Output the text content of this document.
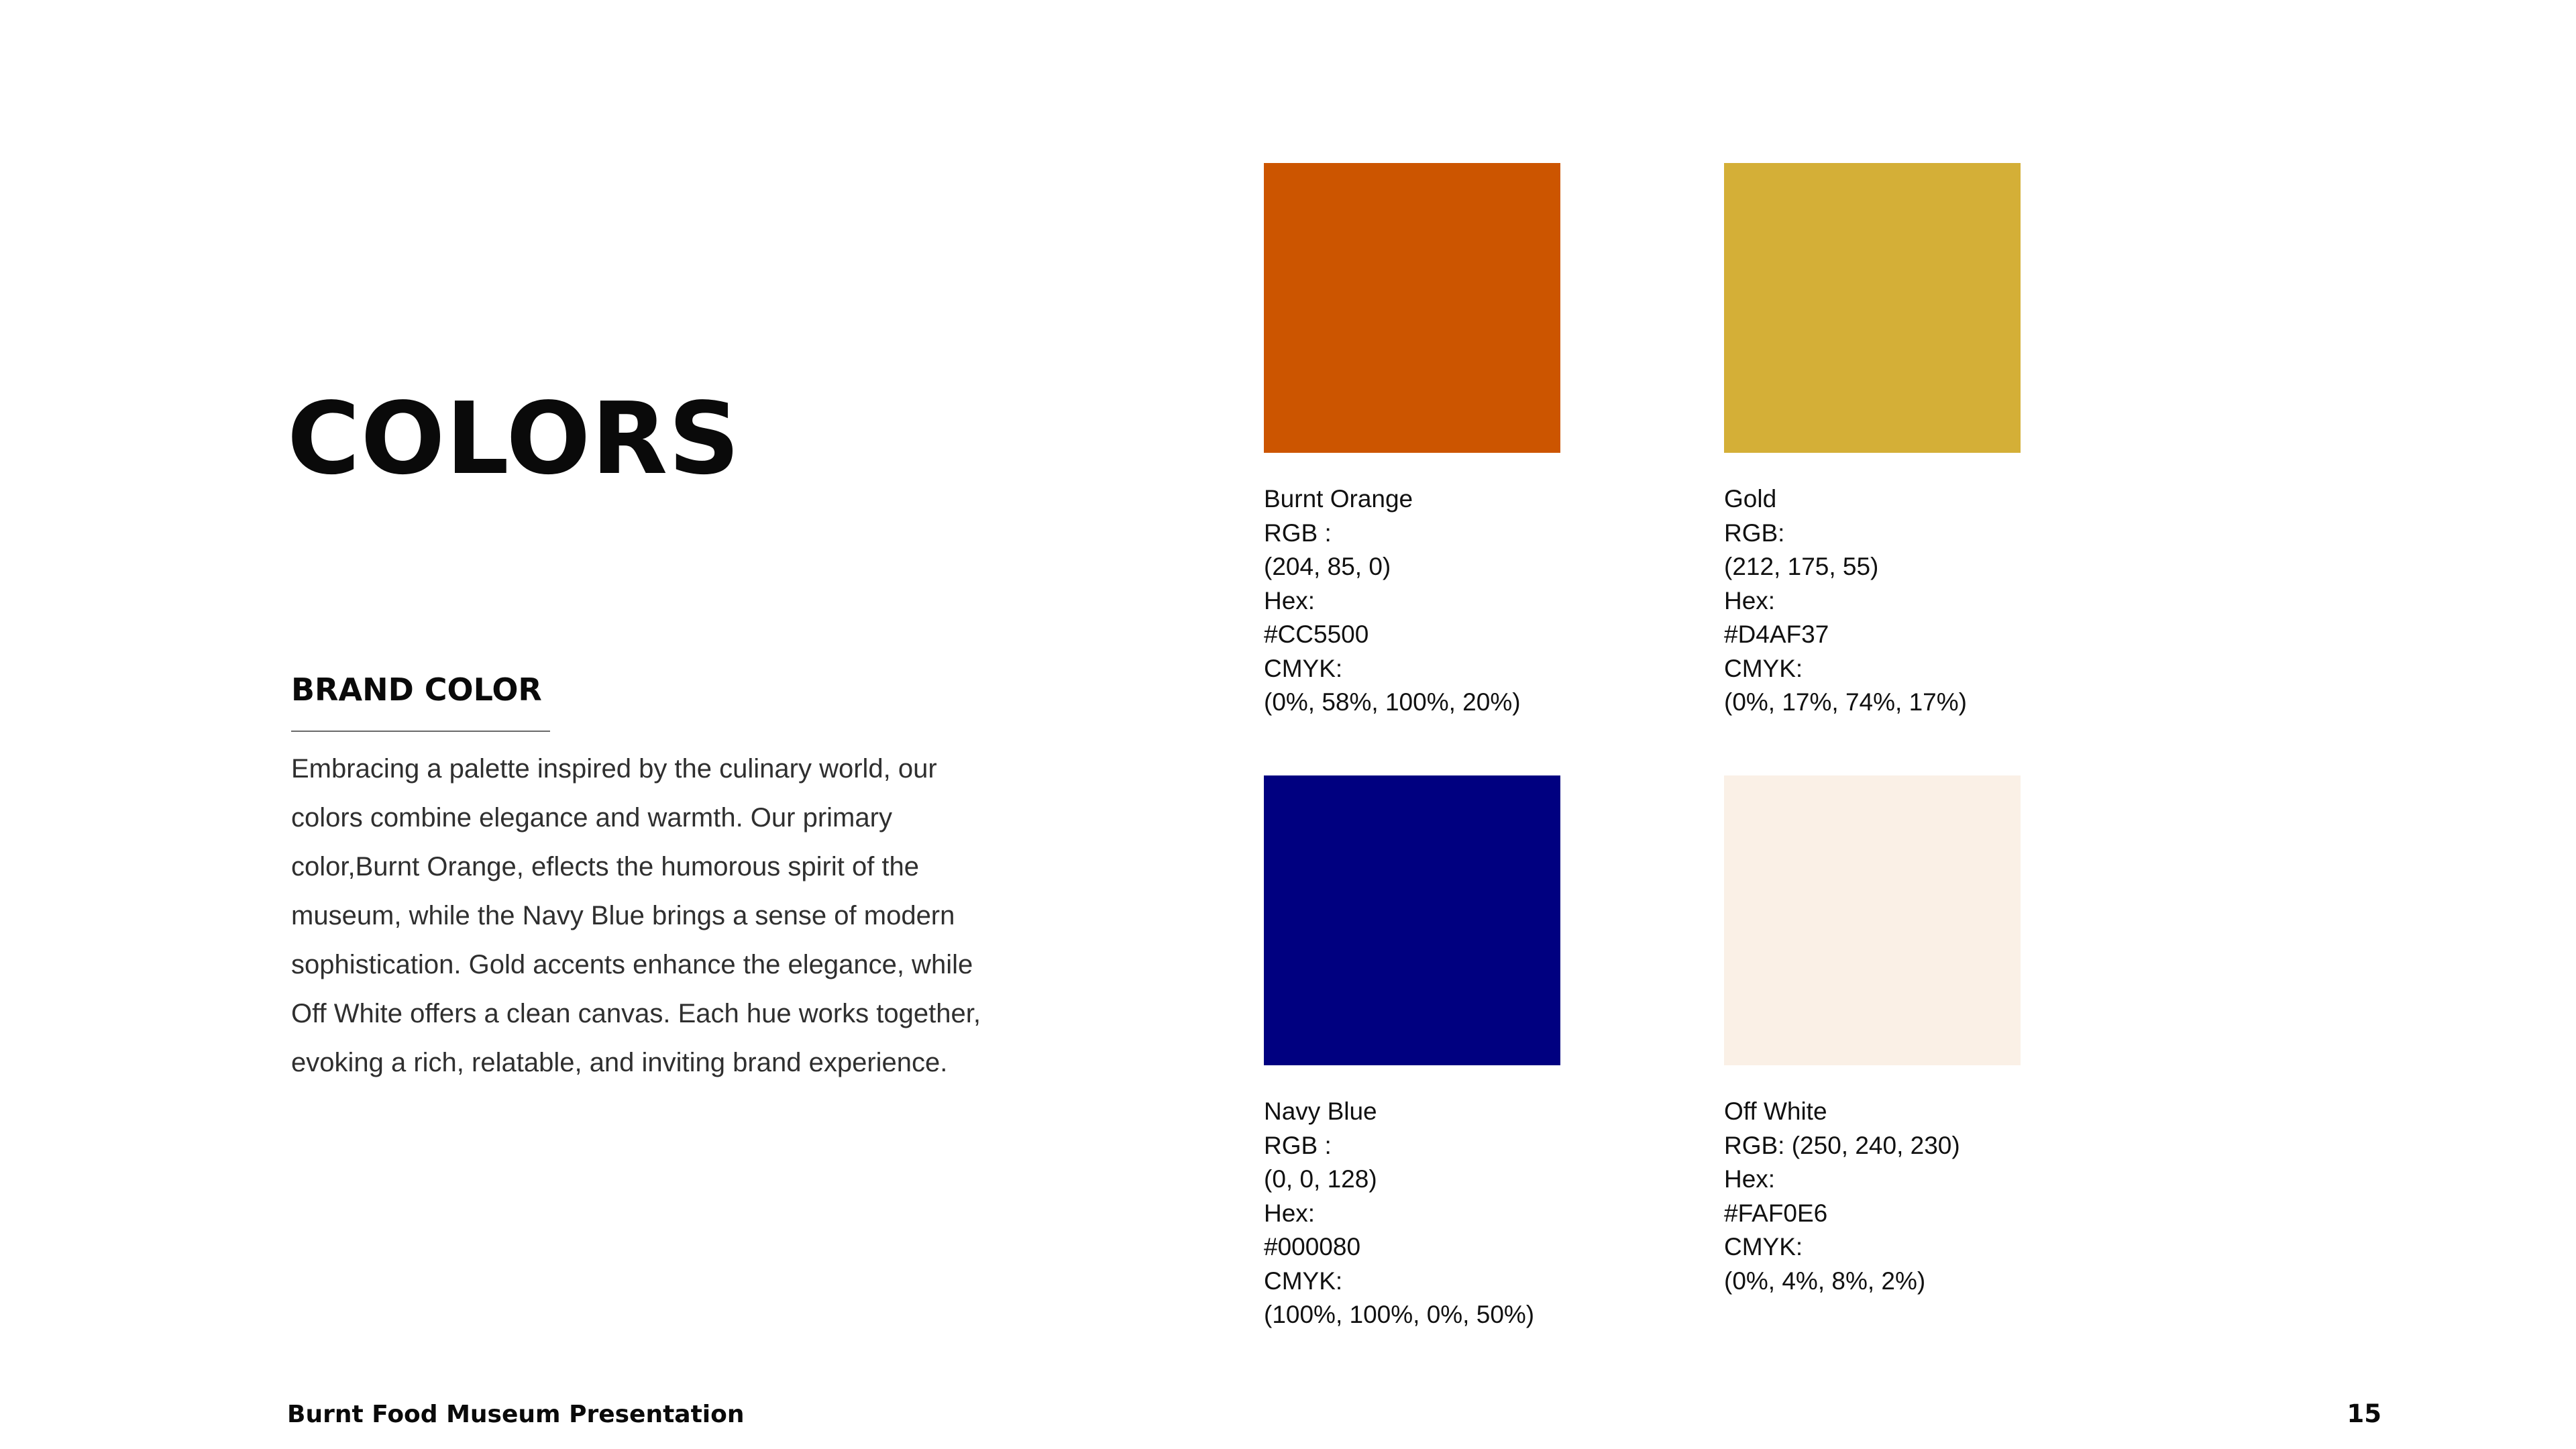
COLORS
BRAND COLOR
Embracing a palette inspired by the culinary world, our
colors combine elegance and warmth. Our primary
color,Burnt Orange, eflects the humorous spirit of the
museum, while the Navy Blue brings a sense of modern
sophistication. Gold accents enhance the elegance, while
Off White offers a clean canvas. Each hue works together,
evoking a rich, relatable, and inviting brand experience.
Burnt Orange
RGB :
(204, 85, 0)
Hex:
#CC5500
CMYK:
(0%, 58%, 100%, 20%)
Gold
RGB:
(212, 175, 55)
Hex:
#D4AF37
CMYK:
(0%, 17%, 74%, 17%)
Navy Blue
RGB :
(0, 0, 128)
Hex:
#000080
CMYK:
(100%, 100%, 0%, 50%)
Off White
RGB: (250, 240, 230)
Hex:
#FAF0E6
CMYK:
(0%, 4%, 8%, 2%)
Burnt Food Museum Presentation	15
